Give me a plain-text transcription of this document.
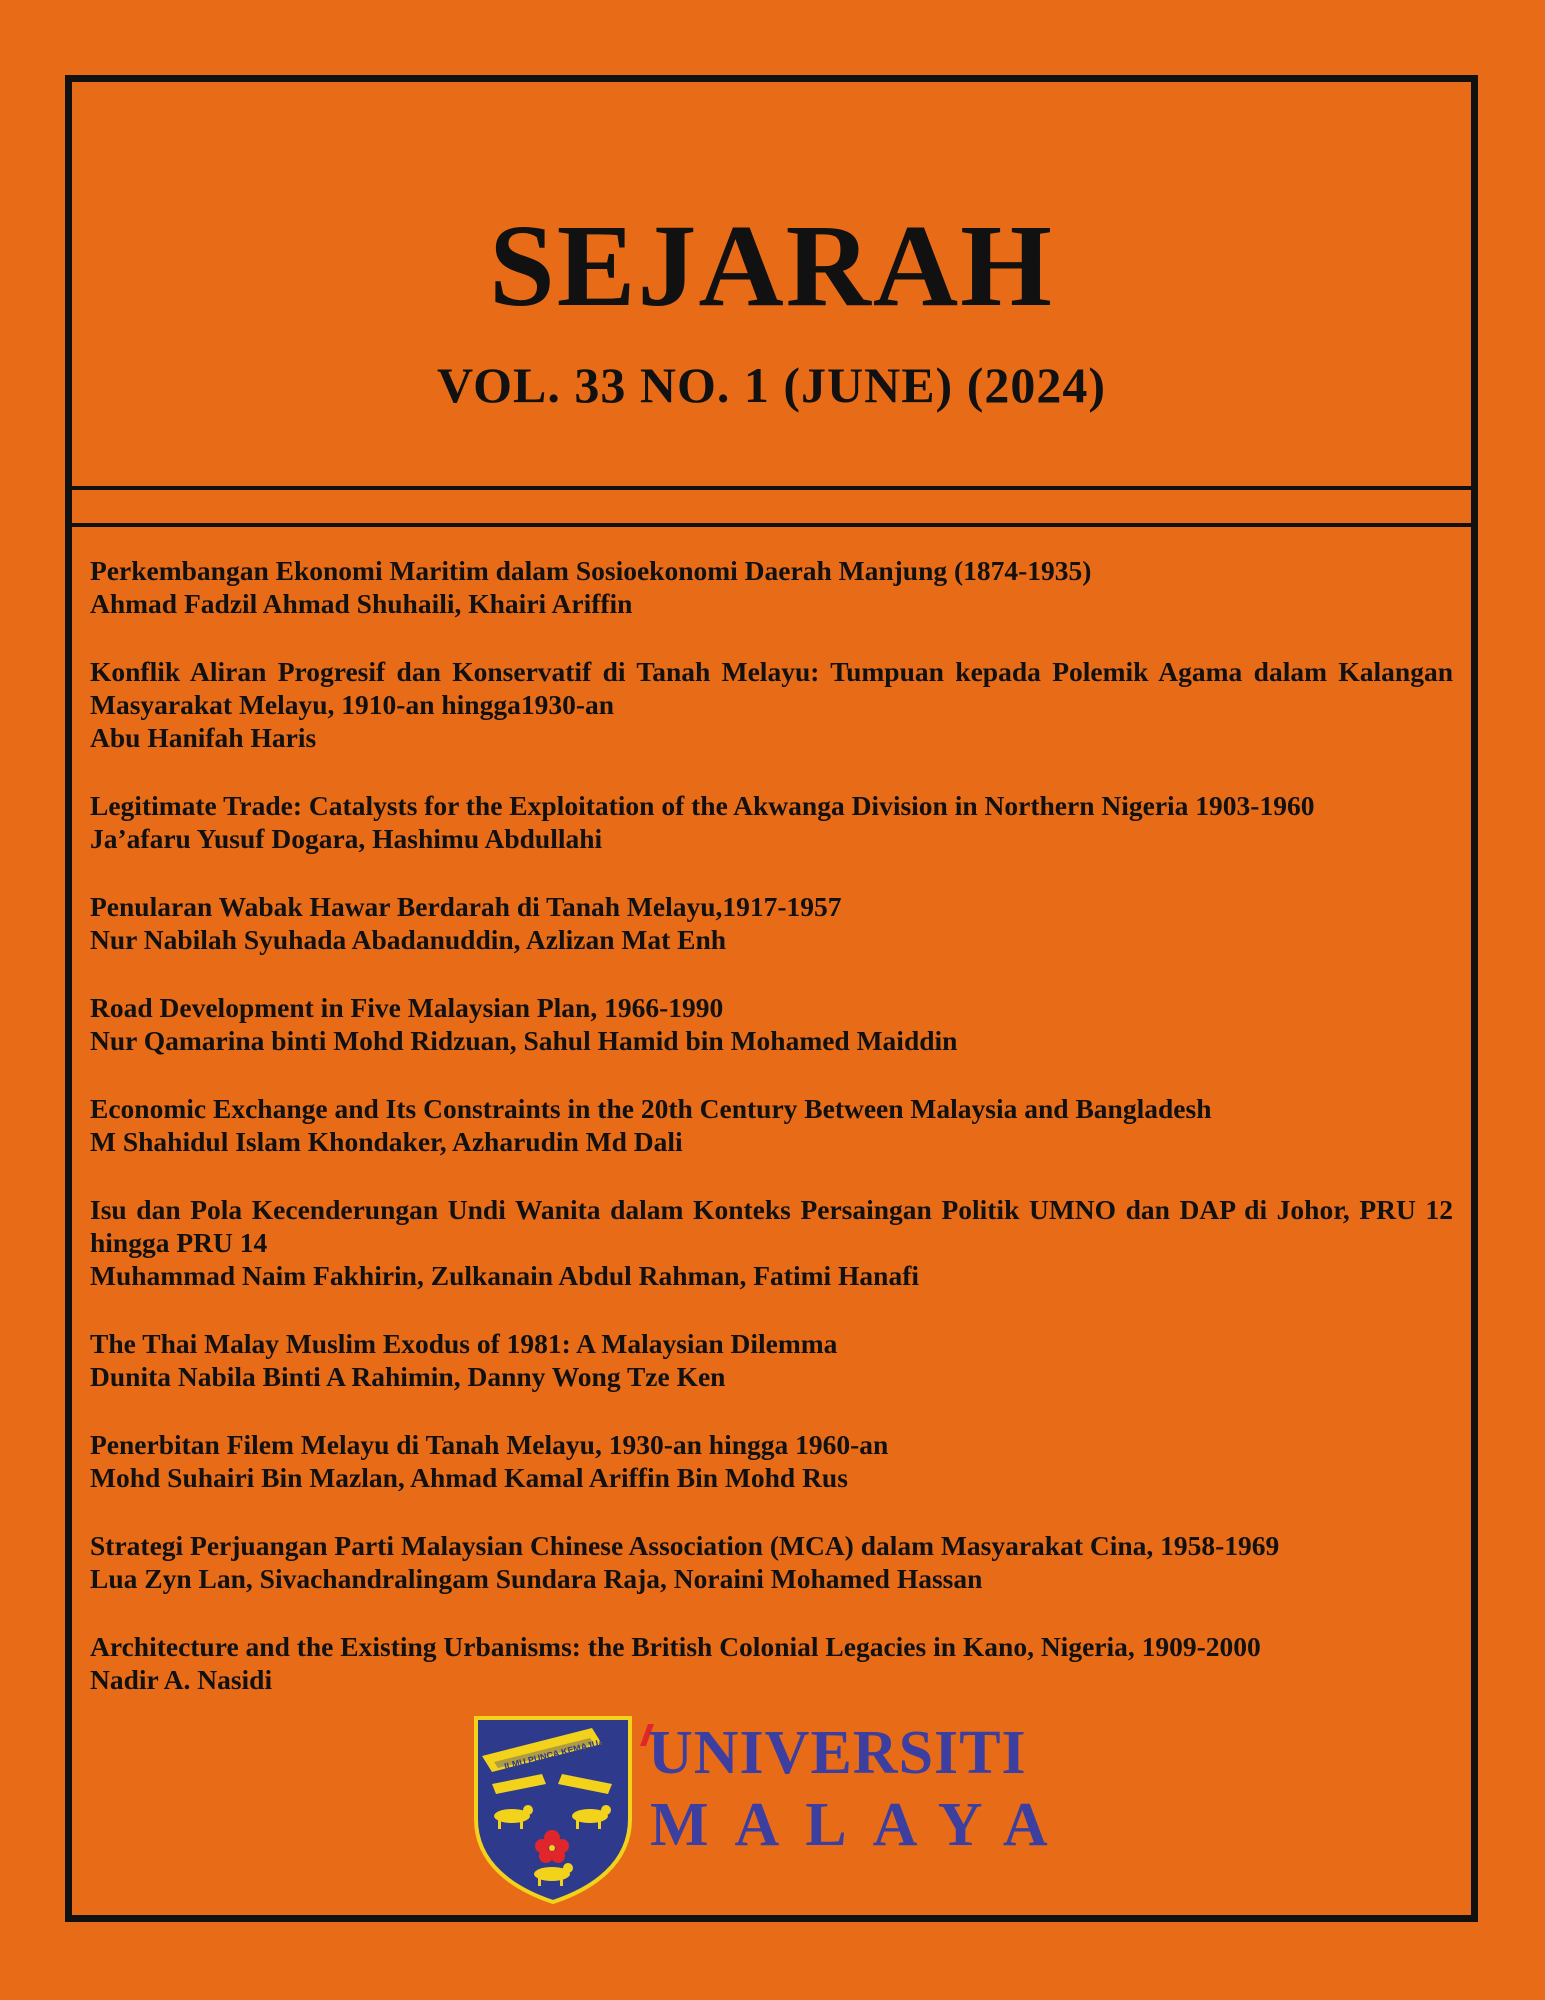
SEJARAH
VOL. 33 NO. 1 (JUNE) (2024)
Perkembangan Ekonomi Maritim dalam Sosioekonomi Daerah Manjung (1874-1935)
Ahmad Fadzil Ahmad Shuhaili, Khairi Ariffin
Konflik Aliran Progresif dan Konservatif di Tanah Melayu: Tumpuan kepada Polemik Agama dalam Kalangan Masyarakat Melayu, 1910-an hingga1930-an
Abu Hanifah Haris
Legitimate Trade: Catalysts for the Exploitation of the Akwanga Division in Northern Nigeria 1903-1960
Ja’afaru Yusuf Dogara, Hashimu Abdullahi
Penularan Wabak Hawar Berdarah di Tanah Melayu,1917-1957
Nur Nabilah Syuhada Abadanuddin, Azlizan Mat Enh
Road Development in Five Malaysian Plan, 1966-1990
Nur Qamarina binti Mohd Ridzuan, Sahul Hamid bin Mohamed Maiddin
Economic Exchange and Its Constraints in the 20th Century Between Malaysia and Bangladesh
M Shahidul Islam Khondaker, Azharudin Md Dali
Isu dan Pola Kecenderungan Undi Wanita dalam Konteks Persaingan Politik UMNO dan DAP di Johor, PRU 12 hingga PRU 14
Muhammad Naim Fakhirin, Zulkanain Abdul Rahman, Fatimi Hanafi
The Thai Malay Muslim Exodus of 1981: A Malaysian Dilemma
Dunita Nabila Binti A Rahimin, Danny Wong Tze Ken
Penerbitan Filem Melayu di Tanah Melayu, 1930-an hingga 1960-an
Mohd Suhairi Bin Mazlan, Ahmad Kamal Ariffin Bin Mohd Rus
Strategi Perjuangan Parti Malaysian Chinese Association (MCA) dalam Masyarakat Cina, 1958-1969
Lua Zyn Lan, Sivachandralingam Sundara Raja, Noraini Mohamed Hassan
Architecture and the Existing Urbanisms: the British Colonial Legacies in Kano, Nigeria, 1909-2000
Nadir A. Nasidi
ILMU PUNCA KEMAJUAN UNIVERSITI
MALAYA
